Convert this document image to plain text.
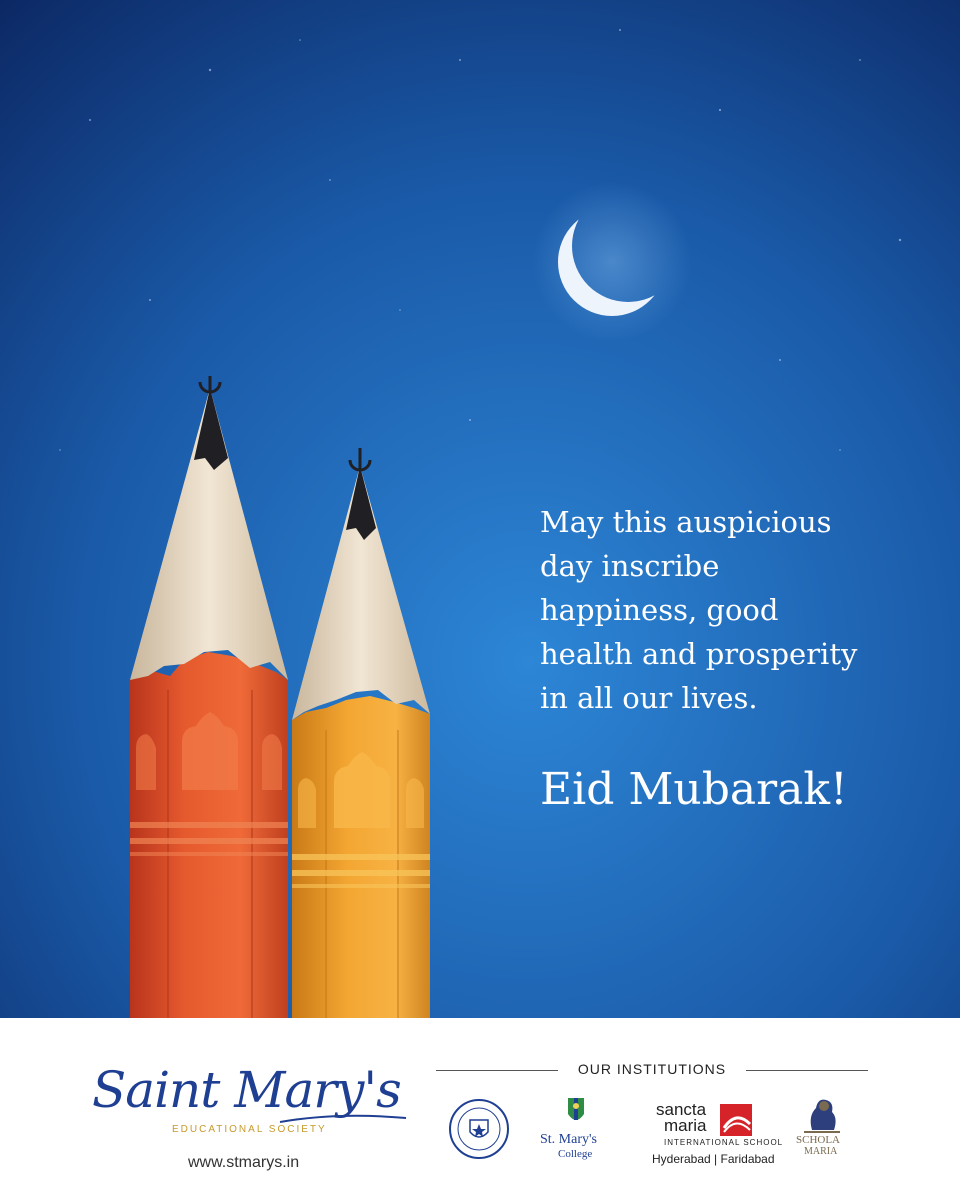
May this auspicious
day inscribe
happiness, good
health and prosperity
in all our lives.
Eid Mubarak!
Saint Mary's
EDUCATIONAL SOCIETY
www.stmarys.in
OUR INSTITUTIONS
St. Mary's
College
sancta
maria
INTERNATIONAL SCHOOL
Hyderabad | Faridabad
SCHOLA
MARIA
